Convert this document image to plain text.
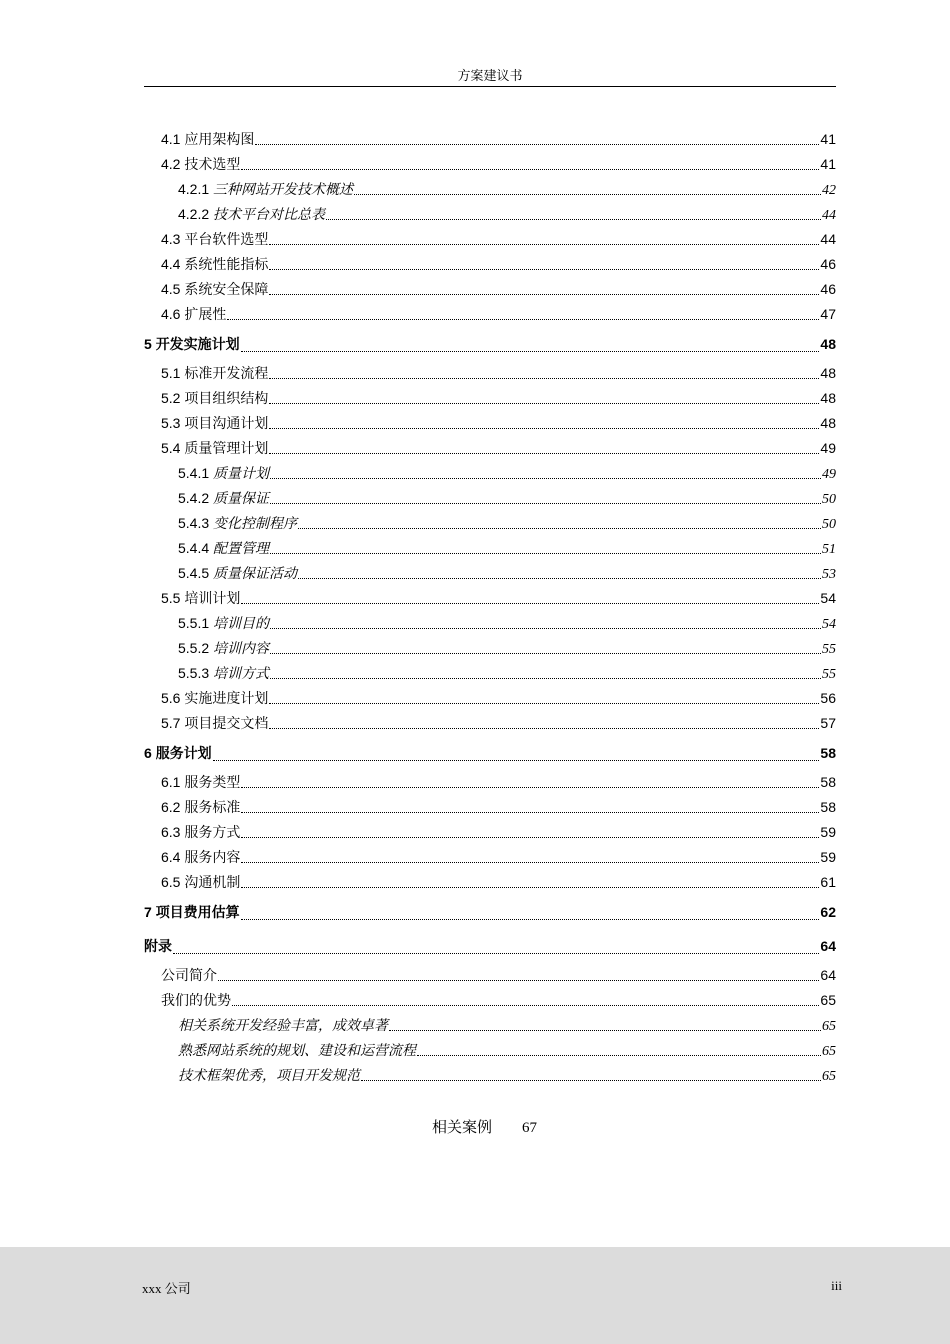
方案建议书
4.1 应用架构图	41
4.2 技术选型	41
4.2.1 三种网站开发技术概述	42
4.2.2 技术平台对比总表	44
4.3 平台软件选型	44
4.4 系统性能指标	46
4.5 系统安全保障	46
4.6 扩展性	47
5 开发实施计划	48
5.1 标准开发流程	48
5.2 项目组织结构	48
5.3 项目沟通计划	48
5.4 质量管理计划	49
5.4.1 质量计划	49
5.4.2 质量保证	50
5.4.3 变化控制程序	50
5.4.4 配置管理	51
5.4.5 质量保证活动	53
5.5 培训计划	54
5.5.1 培训目的	54
5.5.2 培训内容	55
5.5.3 培训方式	55
5.6 实施进度计划	56
5.7 项目提交文档	57
6 服务计划	58
6.1 服务类型	58
6.2 服务标准	58
6.3 服务方式	59
6.4 服务内容	59
6.5 沟通机制	61
7 项目费用估算	62
附录	64
公司简介	64
我们的优势	65
相关系统开发经验丰富，成效卓著	65
熟悉网站系统的规划、建设和运营流程	65
技术框架优秀，项目开发规范	65
相关案例 67
xxx 公司	iii
